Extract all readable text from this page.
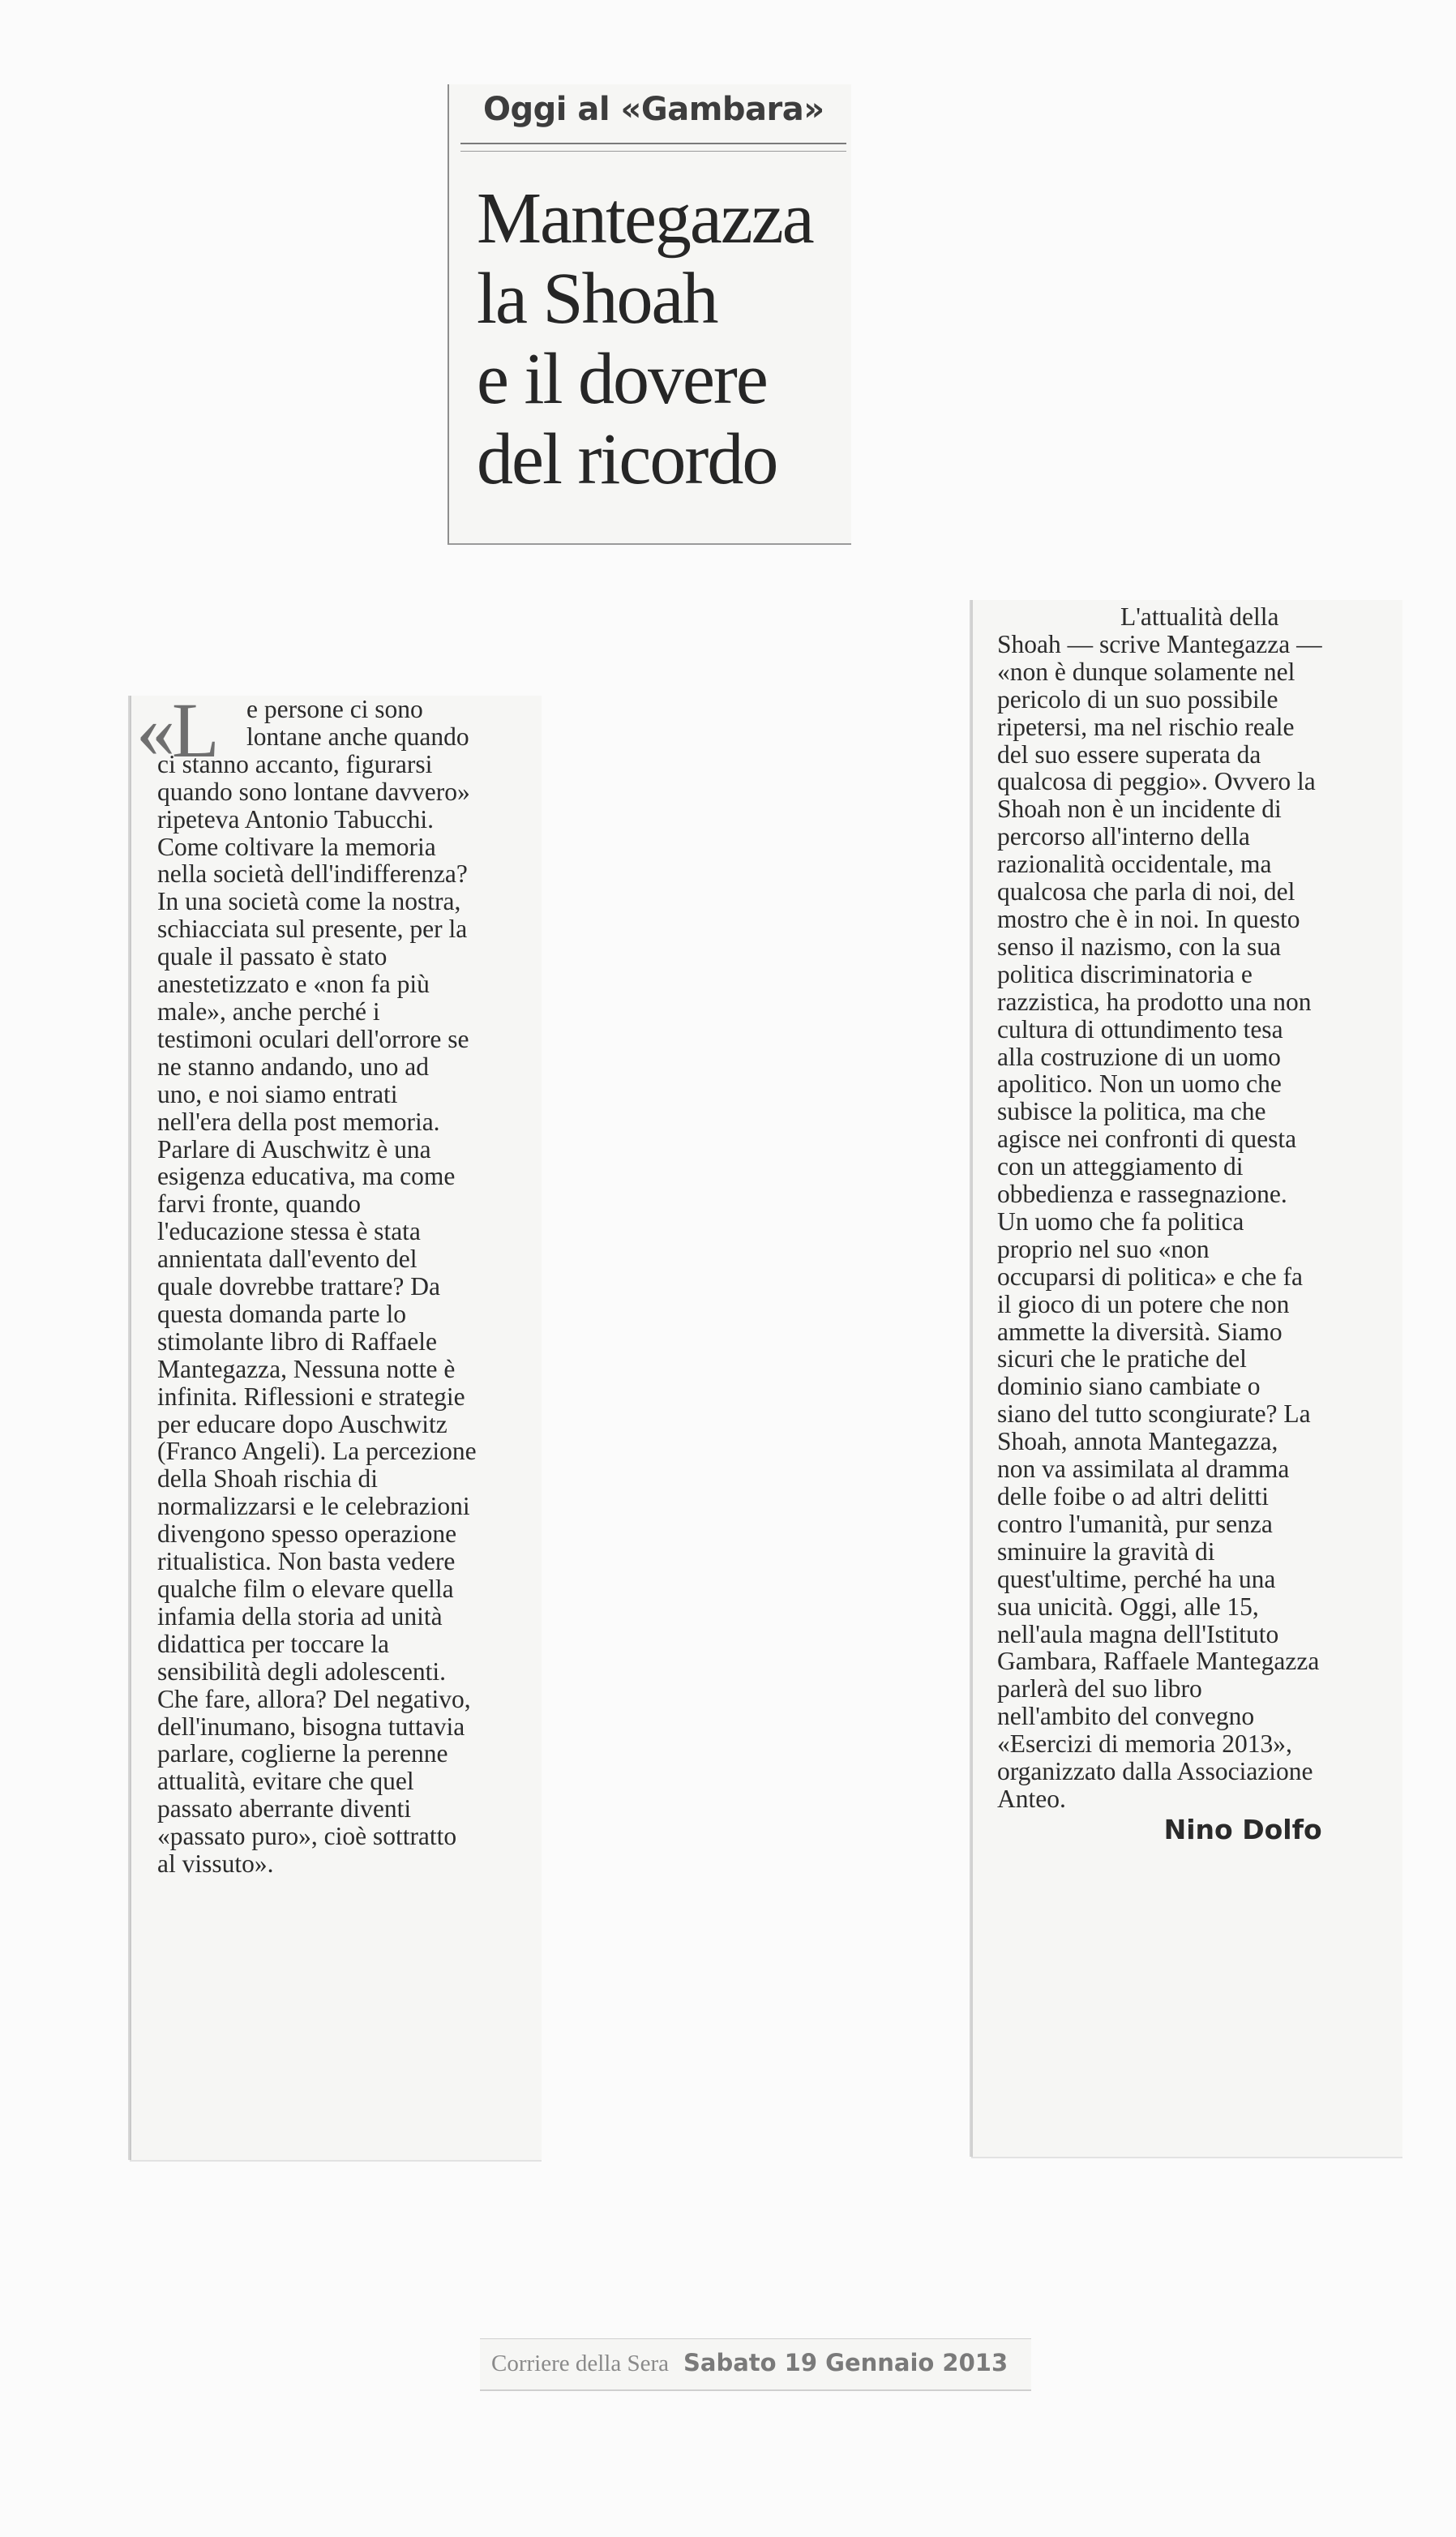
Oggi al «Gambara»
Mantegazza
la Shoah
e il dovere
del ricordo
«L	e persone ci sono
lontane anche quando
ci stanno accanto, figurarsi
quando sono lontane davvero»
ripeteva Antonio Tabucchi.
Come coltivare la memoria
nella società dell'indifferenza?
In una società come la nostra,
schiacciata sul presente, per la
quale il passato è stato
anestetizzato e «non fa più
male», anche perché i
testimoni oculari dell'orrore se
ne stanno andando, uno ad
uno, e noi siamo entrati
nell'era della post memoria.
Parlare di Auschwitz è una
esigenza educativa, ma come
farvi fronte, quando
l'educazione stessa è stata
annientata dall'evento del
quale dovrebbe trattare? Da
questa domanda parte lo
stimolante libro di Raffaele
Mantegazza, Nessuna notte è
infinita. Riflessioni e strategie
per educare dopo Auschwitz
(Franco Angeli). La percezione
della Shoah rischia di
normalizzarsi e le celebrazioni
divengono spesso operazione
ritualistica. Non basta vedere
qualche film o elevare quella
infamia della storia ad unità
didattica per toccare la
sensibilità degli adolescenti.
Che fare, allora? Del negativo,
dell'inumano, bisogna tuttavia
parlare, coglierne la perenne
attualità, evitare che quel
passato aberrante diventi
«passato puro», cioè sottratto
al vissuto».
L'attualità della
Shoah — scrive Mantegazza —
«non è dunque solamente nel
pericolo di un suo possibile
ripetersi, ma nel rischio reale
del suo essere superata da
qualcosa di peggio». Ovvero la
Shoah non è un incidente di
percorso all'interno della
razionalità occidentale, ma
qualcosa che parla di noi, del
mostro che è in noi. In questo
senso il nazismo, con la sua
politica discriminatoria e
razzistica, ha prodotto una non
cultura di ottundimento tesa
alla costruzione di un uomo
apolitico. Non un uomo che
subisce la politica, ma che
agisce nei confronti di questa
con un atteggiamento di
obbedienza e rassegnazione.
Un uomo che fa politica
proprio nel suo «non
occuparsi di politica» e che fa
il gioco di un potere che non
ammette la diversità. Siamo
sicuri che le pratiche del
dominio siano cambiate o
siano del tutto scongiurate? La
Shoah, annota Mantegazza,
non va assimilata al dramma
delle foibe o ad altri delitti
contro l'umanità, pur senza
sminuire la gravità di
quest'ultime, perché ha una
sua unicità. Oggi, alle 15,
nell'aula magna dell'Istituto
Gambara, Raffaele Mantegazza
parlerà del suo libro
nell'ambito del convegno
«Esercizi di memoria 2013»,
organizzato dalla Associazione
Anteo.
Nino Dolfo
Corriere della Sera Sabato 19 Gennaio 2013
